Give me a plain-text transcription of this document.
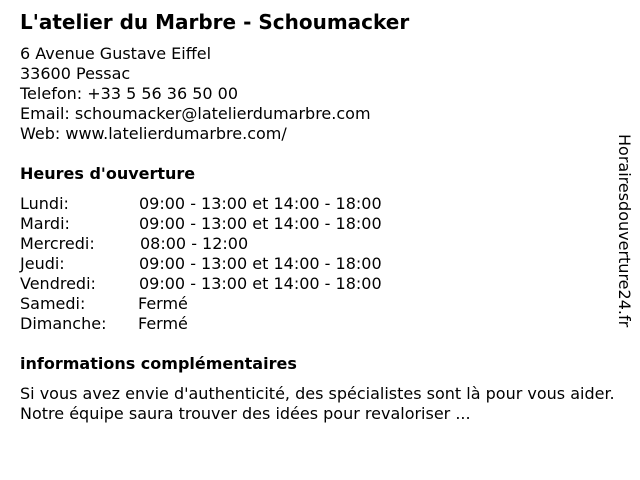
L'atelier du Marbre - Schoumacker
6 Avenue Gustave Eiffel
33600 Pessac
Telefon: +33 5 56 36 50 00
Email: schoumacker@latelierdumarbre.com
Web: www.latelierdumarbre.com/
Heures d'ouverture
Lundi:	09:00 - 13:00 et 14:00 - 18:00
Mardi:	09:00 - 13:00 et 14:00 - 18:00
Mercredi:	08:00 - 12:00
Jeudi:	09:00 - 13:00 et 14:00 - 18:00
Vendredi:	09:00 - 13:00 et 14:00 - 18:00
Samedi:	Fermé
Dimanche: Fermé
informations complémentaires
Si vous avez envie d'authenticité, des spécialistes sont là pour vous aider. Notre équipe saura trouver des idées pour revaloriser ...
Horairesdouverture24.fr
